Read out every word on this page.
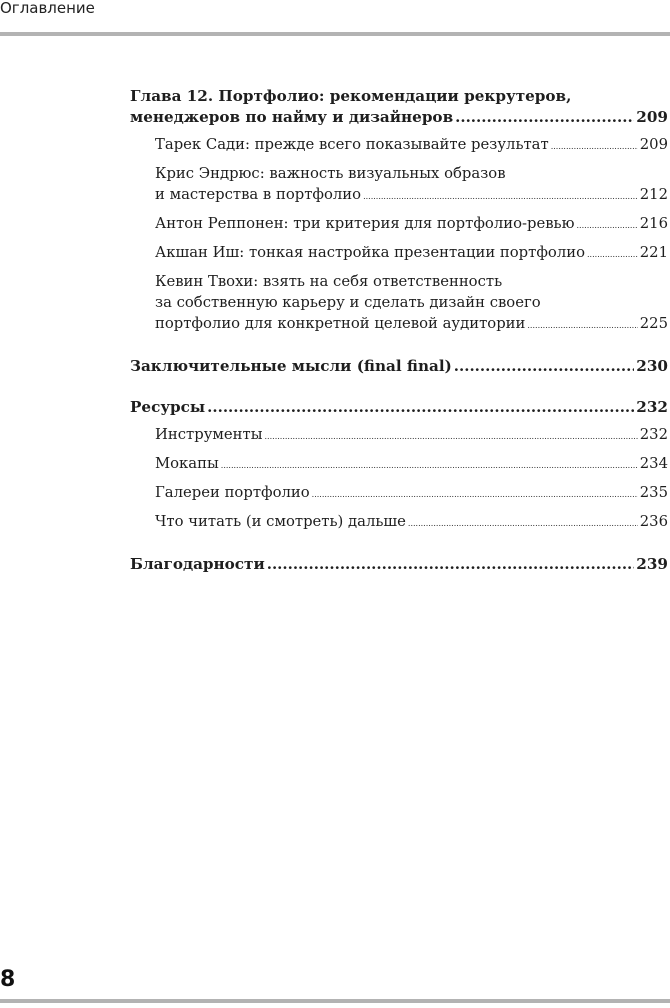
Оглавление
Глава 12. Портфолио: рекомендации рекрутеров,
менеджеров по найму и дизайнеров .....	209
Тарек Сади: прежде всего показывайте результат .....	209
Крис Эндрюс: важность визуальных образов
и мастерства в портфолио .....	212
Антон Реппонен: три критерия для портфолио-ревью .....	216
Акшан Иш: тонкая настройка презентации портфолио .....	221
Кевин Твохи: взять на себя ответственность
за собственную карьеру и сделать дизайн своего
портфолио для конкретной целевой аудитории .....	225
Заключительные мысли (final final) .....	230
Ресурсы .....	232
Инструменты .....	232
Мокапы .....	234
Галереи портфолио .....	235
Что читать (и смотреть) дальше .....	236
Благодарности .....	239
8
